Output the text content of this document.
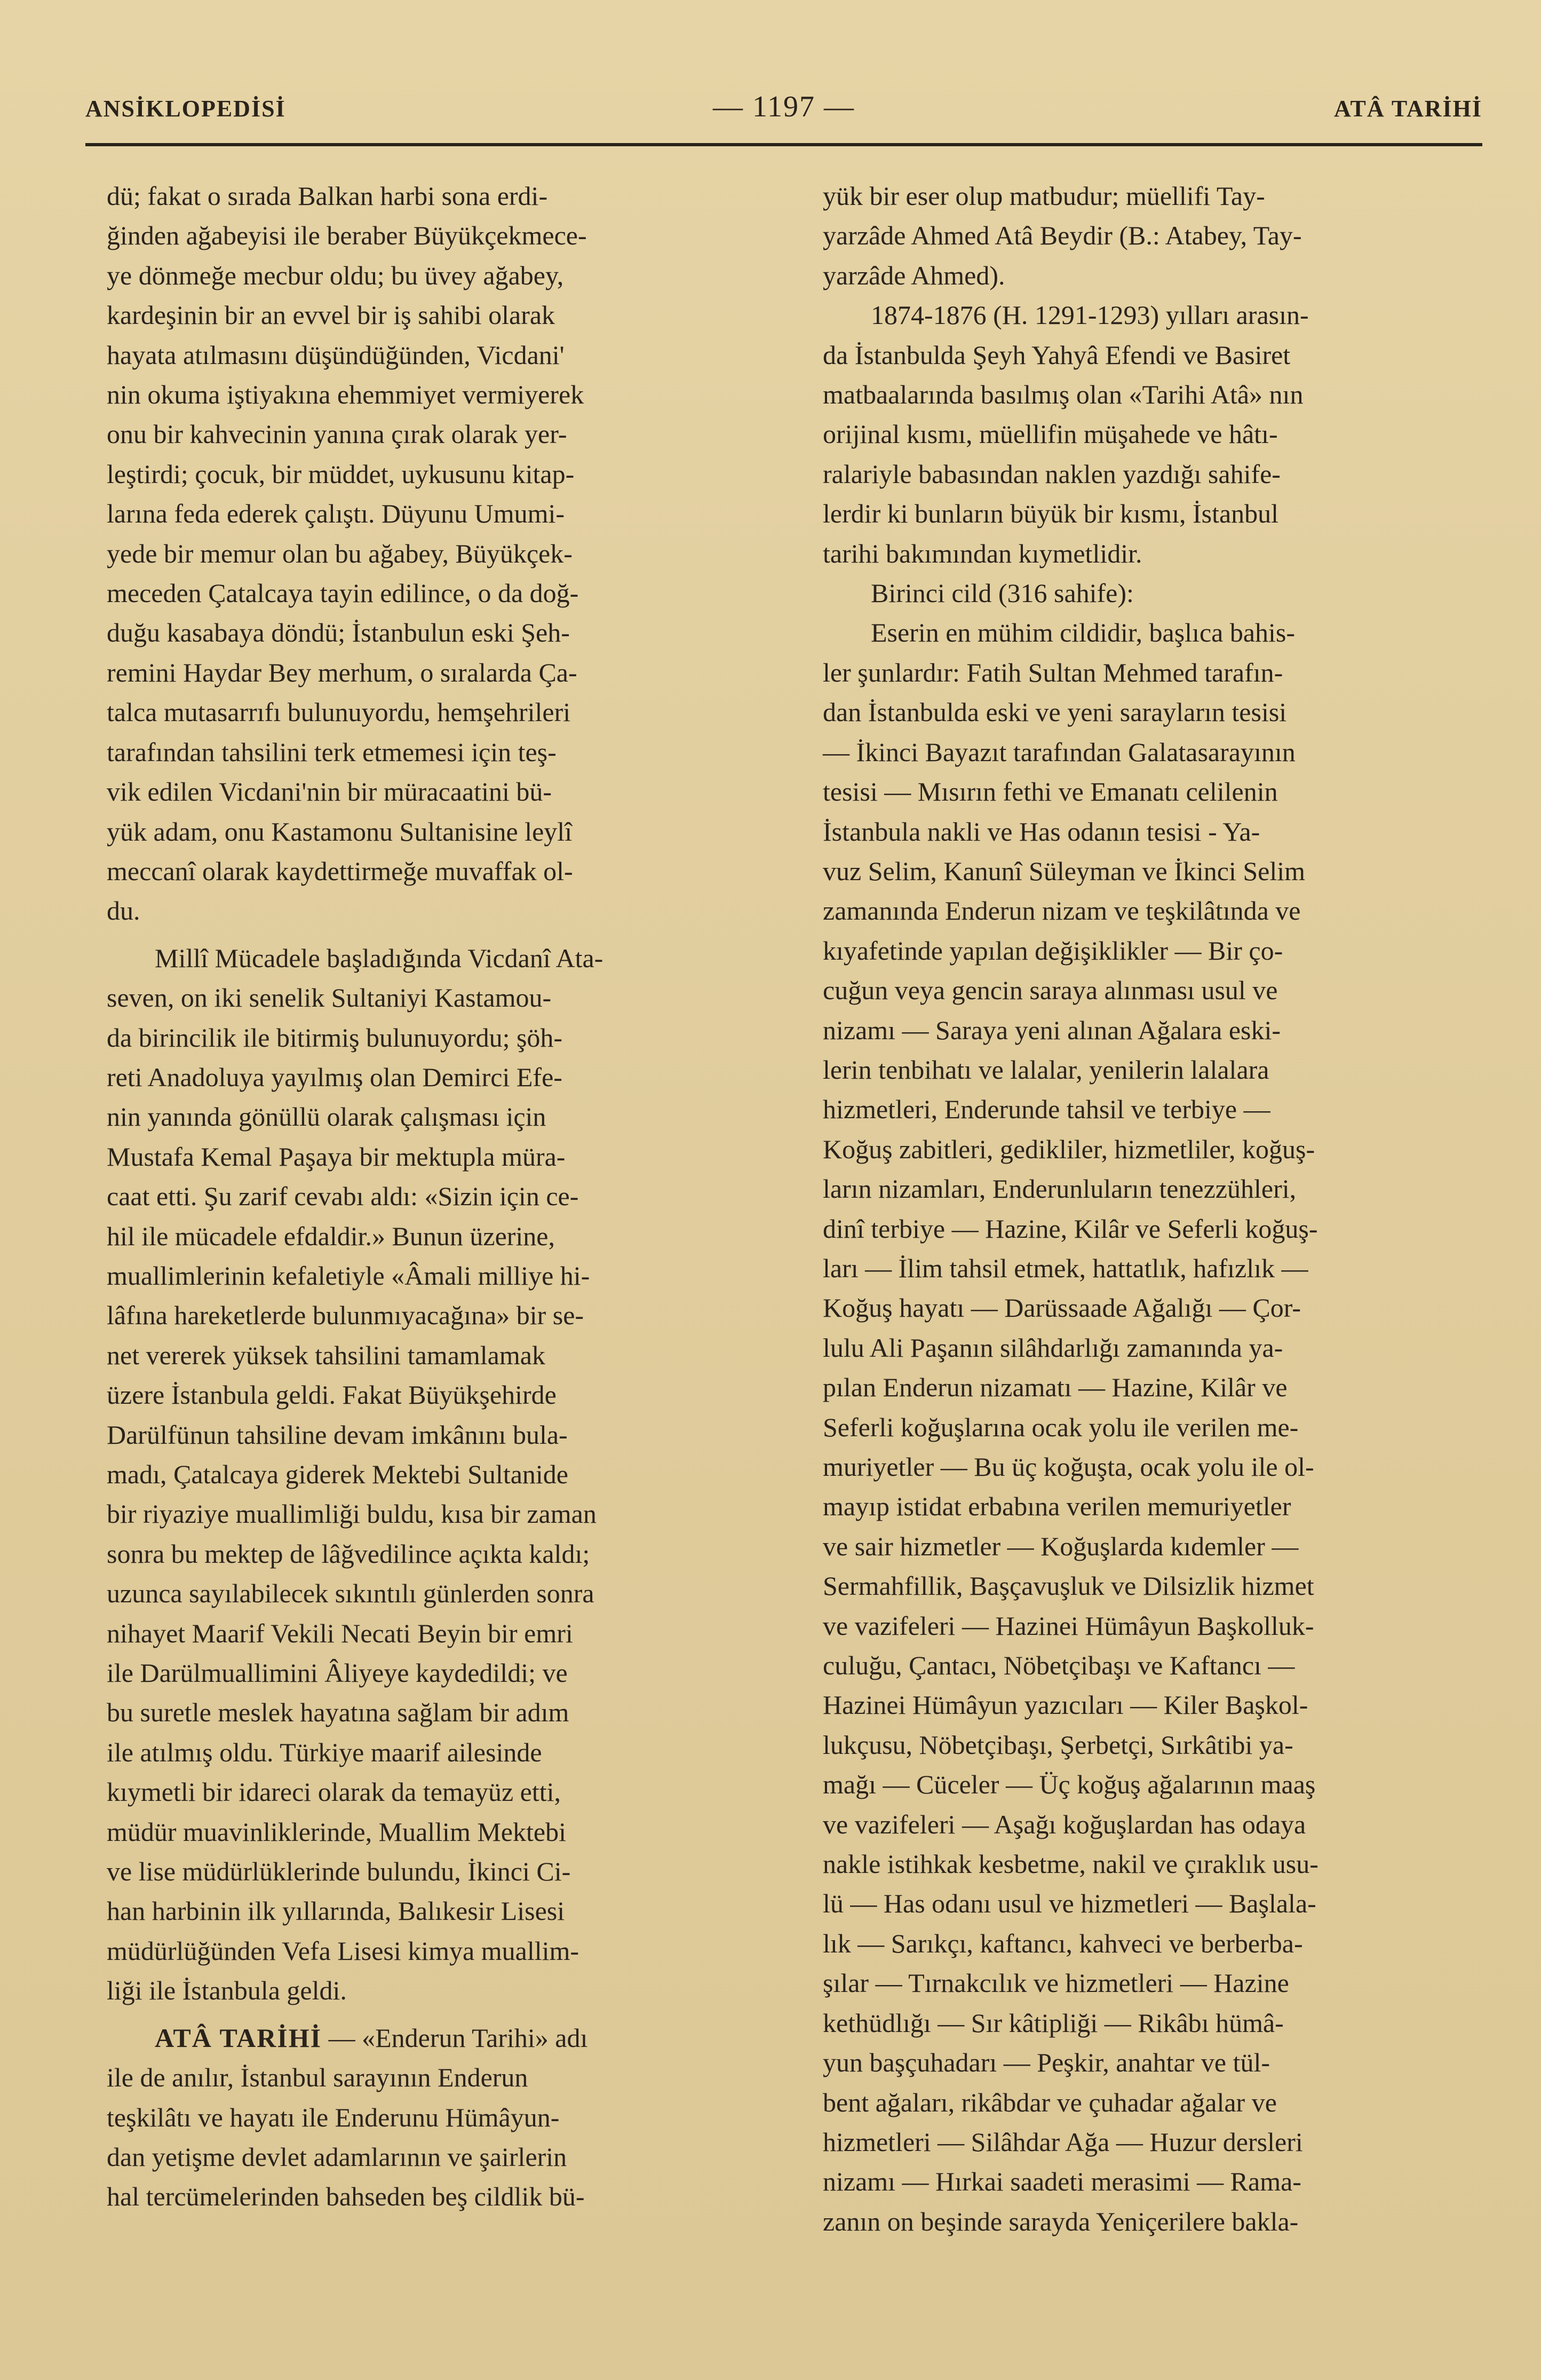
ANSİKLOPEDİSİ	— 1197 —	ATÂ TARİHİ

dü; fakat o sırada Balkan harbi sona erdi-
ğinden ağabeyisi ile beraber Büyükçekmece-
ye dönmeğe mecbur oldu; bu üvey ağabey,
kardeşinin bir an evvel bir iş sahibi olarak
hayata atılmasını düşündüğünden, Vicdani'
nin okuma iştiyakına ehemmiyet vermiyerek
onu bir kahvecinin yanına çırak olarak yer-
leştirdi; çocuk, bir müddet, uykusunu kitap-
larına feda ederek çalıştı. Düyunu Umumi-
yede bir memur olan bu ağabey, Büyükçek-
meceden Çatalcaya tayin edilince, o da doğ-
duğu kasabaya döndü; İstanbulun eski Şeh-
remini Haydar Bey merhum, o sıralarda Ça-
talca mutasarrıfı bulunuyordu, hemşehrileri
tarafından tahsilini terk etmemesi için teş-
vik edilen Vicdani'nin bir müracaatini bü-
yük adam, onu Kastamonu Sultanisine leylî
meccanî olarak kaydettirmeğe muvaffak ol-
du.

Millî Mücadele başladığında Vicdanî Ata-
seven, on iki senelik Sultaniyi Kastamou-
da birincilik ile bitirmiş bulunuyordu; şöh-
reti Anadoluya yayılmış olan Demirci Efe-
nin yanında gönüllü olarak çalışması için
Mustafa Kemal Paşaya bir mektupla müra-
caat etti. Şu zarif cevabı aldı: «Sizin için ce-
hil ile mücadele efdaldir.» Bunun üzerine,
muallimlerinin kefaletiyle «Âmali milliye hi-
lâfına hareketlerde bulunmıyacağına» bir se-
net vererek yüksek tahsilini tamamlamak
üzere İstanbula geldi. Fakat Büyükşehirde
Darülfünun tahsiline devam imkânını bula-
madı, Çatalcaya giderek Mektebi Sultanide
bir riyaziye muallimliği buldu, kısa bir zaman
sonra bu mektep de lâğvedilince açıkta kaldı;
uzunca sayılabilecek sıkıntılı günlerden sonra
nihayet Maarif Vekili Necati Beyin bir emri
ile Darülmuallimini Âliyeye kaydedildi; ve
bu suretle meslek hayatına sağlam bir adım
ile atılmış oldu. Türkiye maarif ailesinde
kıymetli bir idareci olarak da temayüz etti,
müdür muavinliklerinde, Muallim Mektebi
ve lise müdürlüklerinde bulundu, İkinci Ci-
han harbinin ilk yıllarında, Balıkesir Lisesi
müdürlüğünden Vefa Lisesi kimya muallim-
liği ile İstanbula geldi.

ATÂ TARİHİ — «Enderun Tarihi» adı
ile de anılır, İstanbul sarayının Enderun
teşkilâtı ve hayatı ile Enderunu Hümâyun-
dan yetişme devlet adamlarının ve şairlerin
hal tercümelerinden bahseden beş cildlik bü-

yük bir eser olup matbudur; müellifi Tay-
yarzâde Ahmed Atâ Beydir (B.: Atabey, Tay-
yarzâde Ahmed).

1874-1876 (H. 1291-1293) yılları arasın-
da İstanbulda Şeyh Yahyâ Efendi ve Basiret
matbaalarında basılmış olan «Tarihi Atâ» nın
orijinal kısmı, müellifin müşahede ve hâtı-
ralariyle babasından naklen yazdığı sahife-
lerdir ki bunların büyük bir kısmı, İstanbul
tarihi bakımından kıymetlidir.

Birinci cild (316 sahife):

Eserin en mühim cildidir, başlıca bahis-
ler şunlardır: Fatih Sultan Mehmed tarafın-
dan İstanbulda eski ve yeni sarayların tesisi
— İkinci Bayazıt tarafından Galatasarayının
tesisi — Mısırın fethi ve Emanatı celilenin
İstanbula nakli ve Has odanın tesisi - Ya-
vuz Selim, Kanunî Süleyman ve İkinci Selim
zamanında Enderun nizam ve teşkilâtında ve
kıyafetinde yapılan değişiklikler — Bir ço-
cuğun veya gencin saraya alınması usul ve
nizamı — Saraya yeni alınan Ağalara eski-
lerin tenbihatı ve lalalar, yenilerin lalalara
hizmetleri, Enderunde tahsil ve terbiye —
Koğuş zabitleri, gedikliler, hizmetliler, koğuş-
ların nizamları, Enderunluların tenezzühleri,
dinî terbiye — Hazine, Kilâr ve Seferli koğuş-
ları — İlim tahsil etmek, hattatlık, hafızlık —
Koğuş hayatı — Darüssaade Ağalığı — Çor-
lulu Ali Paşanın silâhdarlığı zamanında ya-
pılan Enderun nizamatı — Hazine, Kilâr ve
Seferli koğuşlarına ocak yolu ile verilen me-
muriyetler — Bu üç koğuşta, ocak yolu ile ol-
mayıp istidat erbabına verilen memuriyetler
ve sair hizmetler — Koğuşlarda kıdemler —
Sermahfillik, Başçavuşluk ve Dilsizlik hizmet
ve vazifeleri — Hazinei Hümâyun Başkolluk-
culuğu, Çantacı, Nöbetçibaşı ve Kaftancı —
Hazinei Hümâyun yazıcıları — Kiler Başkol-
lukçusu, Nöbetçibaşı, Şerbetçi, Sırkâtibi ya-
mağı — Cüceler — Üç koğuş ağalarının maaş
ve vazifeleri — Aşağı koğuşlardan has odaya
nakle istihkak kesbetme, nakil ve çıraklık usu-
lü — Has odanı usul ve hizmetleri — Başlala-
lık — Sarıkçı, kaftancı, kahveci ve berberba-
şılar — Tırnakcılık ve hizmetleri — Hazine
kethüdlığı — Sır kâtipliği — Rikâbı hümâ-
yun başçuhadarı — Peşkir, anahtar ve tül-
bent ağaları, rikâbdar ve çuhadar ağalar ve
hizmetleri — Silâhdar Ağa — Huzur dersleri
nizamı — Hırkai saadeti merasimi — Rama-
zanın on beşinde sarayda Yeniçerilere bakla-
